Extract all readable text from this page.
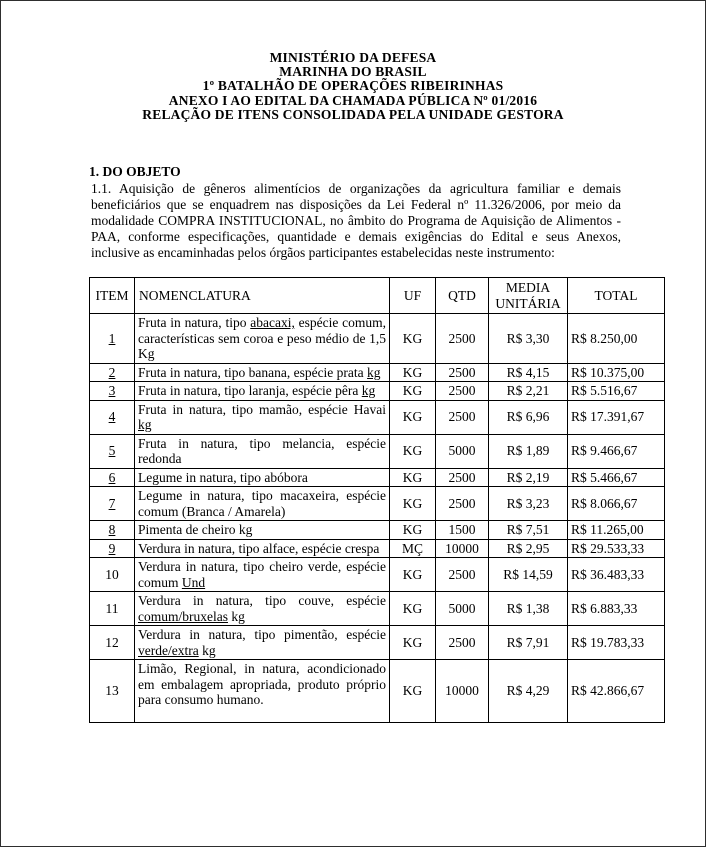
MINISTÉRIO DA DEFESA
MARINHA DO BRASIL
1º BATALHÃO DE OPERAÇÕES RIBEIRINHAS
ANEXO I AO EDITAL DA CHAMADA PÚBLICA Nº 01/2016
RELAÇÃO DE ITENS CONSOLIDADA PELA UNIDADE GESTORA
1. DO OBJETO

1.1. Aquisição de gêneros alimentícios de organizações da agricultura familiar e demais beneficiários que se enquadrem nas disposições da Lei Federal nº 11.326/2006, por meio da modalidade COMPRA INSTITUCIONAL, no âmbito do Programa de Aquisição de Alimentos - PAA, conforme especificações, quantidade e demais exigências do Edital e seus Anexos, inclusive as encaminhadas pelos órgãos participantes estabelecidas neste instrumento:

ITEM	NOMENCLATURA	UF	QTD	MEDIA UNITÁRIA	TOTAL
1	Fruta in natura, tipo abacaxi, espécie comum, características sem coroa e peso médio de 1,5 Kg	KG	2500	R$ 3,30	R$ 8.250,00
2	Fruta in natura, tipo banana, espécie prata kg	KG	2500	R$ 4,15	R$ 10.375,00
3	Fruta in natura, tipo laranja, espécie pêra kg	KG	2500	R$ 2,21	R$ 5.516,67
4	Fruta in natura, tipo mamão, espécie Havai kg	KG	2500	R$ 6,96	R$ 17.391,67
5	Fruta in natura, tipo melancia, espécie redonda	KG	5000	R$ 1,89	R$ 9.466,67
6	Legume in natura, tipo abóbora	KG	2500	R$ 2,19	R$ 5.466,67
7	Legume in natura, tipo macaxeira, espécie comum (Branca / Amarela)	KG	2500	R$ 3,23	R$ 8.066,67
8	Pimenta de cheiro kg	KG	1500	R$ 7,51	R$ 11.265,00
9	Verdura in natura, tipo alface, espécie crespa	MÇ	10000	R$ 2,95	R$ 29.533,33
10	Verdura in natura, tipo cheiro verde, espécie comum Und	KG	2500	R$ 14,59	R$ 36.483,33
11	Verdura in natura, tipo couve, espécie comum/bruxelas kg	KG	5000	R$ 1,38	R$ 6.883,33
12	Verdura in natura, tipo pimentão, espécie verde/extra kg	KG	2500	R$ 7,91	R$ 19.783,33
13	Limão, Regional, in natura, acondicionado em embalagem apropriada, produto próprio para consumo humano.	KG	10000	R$ 4,29	R$ 42.866,67
